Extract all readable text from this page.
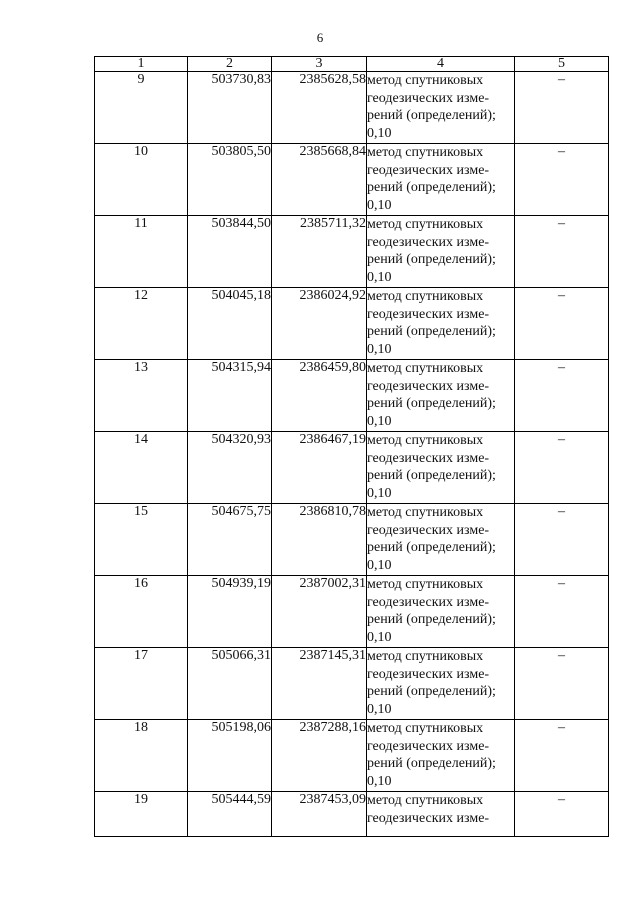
6
1	2	3	4	5
9	503730,83	2385628,58	метод спутниковых
геодезических изме-
рений (определений);
0,10	–
10	503805,50	2385668,84	метод спутниковых
геодезических изме-
рений (определений);
0,10	–
11	503844,50	2385711,32	метод спутниковых
геодезических изме-
рений (определений);
0,10	–
12	504045,18	2386024,92	метод спутниковых
геодезических изме-
рений (определений);
0,10	–
13	504315,94	2386459,80	метод спутниковых
геодезических изме-
рений (определений);
0,10	–
14	504320,93	2386467,19	метод спутниковых
геодезических изме-
рений (определений);
0,10	–
15	504675,75	2386810,78	метод спутниковых
геодезических изме-
рений (определений);
0,10	–
16	504939,19	2387002,31	метод спутниковых
геодезических изме-
рений (определений);
0,10	–
17	505066,31	2387145,31	метод спутниковых
геодезических изме-
рений (определений);
0,10	–
18	505198,06	2387288,16	метод спутниковых
геодезических изме-
рений (определений);
0,10	–
19	505444,59	2387453,09	метод спутниковых
геодезических изме-	–
